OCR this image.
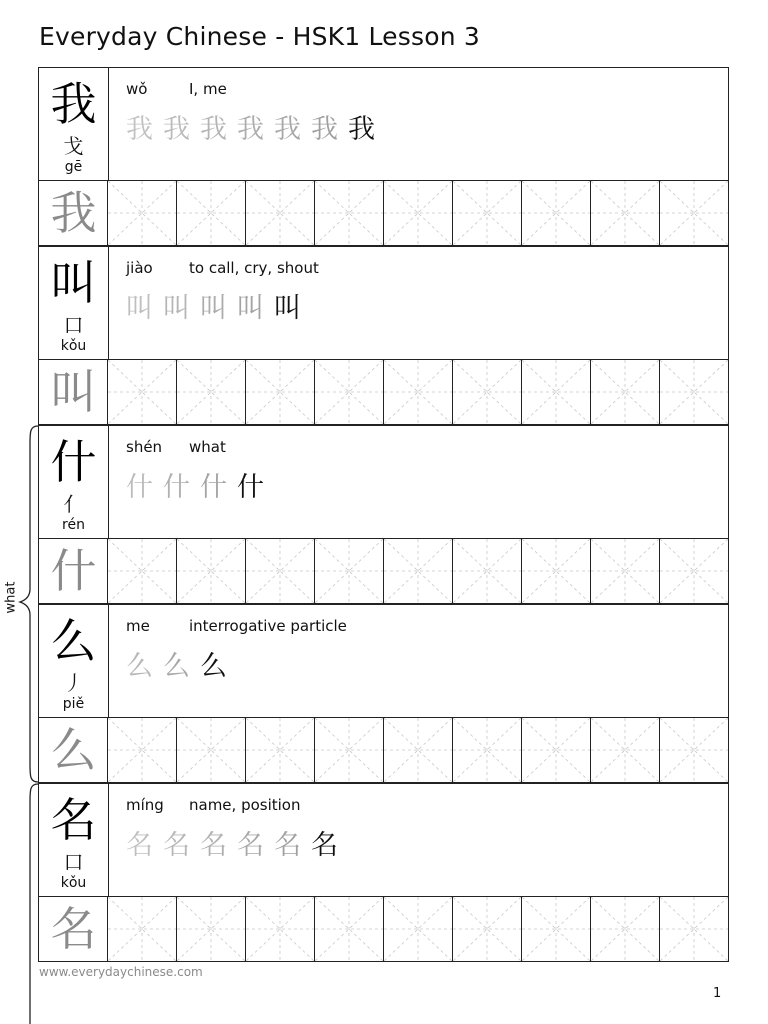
Everyday Chinese - HSK1 Lesson 3
我
戈
gē
wǒ	I, me
我 我 我 我 我 我 我
我
叫
口
kǒu
jiào to call, cry, shout
叫 叫 叫 叫 叫
叫
什
亻
rén
shén what
什 什 什 什
什
么
丿
piě
me	interrogative particle
么 么 么
么
名
口
kǒu
míng name, position
名 名 名 名 名 名
名
what
www.everydaychinese.com
1
